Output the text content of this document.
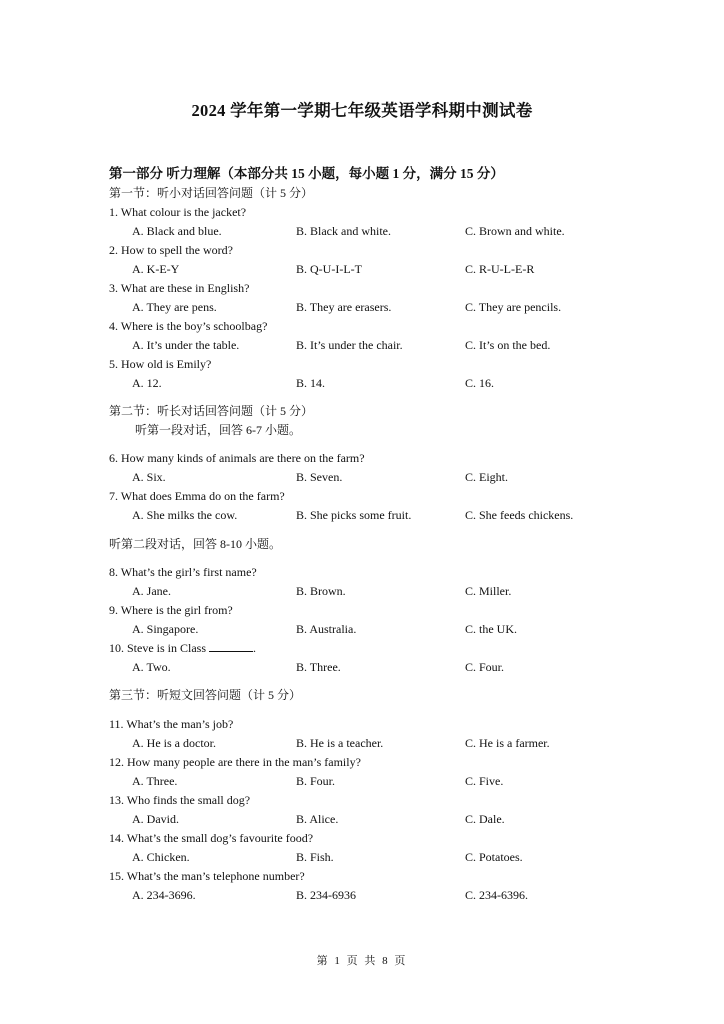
2024 学年第一学期七年级英语学科期中测试卷
第一部分 听力理解（本部分共 15 小题，每小题 1 分，满分 15 分）
第一节：听小对话回答问题（计 5 分）
1. What colour is the jacket?
A. Black and blue.	B. Black and white.	C. Brown and white.
2. How to spell the word?
A. K-E-Y	B. Q-U-I-L-T	C. R-U-L-E-R
3. What are these in English?
A. They are pens.	B. They are erasers.	C. They are pencils.
4. Where is the boy’s schoolbag?
A. It’s under the table.	B. It’s under the chair.	C. It’s on the bed.
5. How old is Emily?
A. 12.	B. 14.	C. 16.
第二节：听长对话回答问题（计 5 分）
听第一段对话，回答 6-7 小题。
6. How many kinds of animals are there on the farm?
A. Six.	B. Seven.	C. Eight.
7. What does Emma do on the farm?
A. She milks the cow.	B. She picks some fruit.	C. She feeds chickens.
听第二段对话，回答 8-10 小题。
8. What’s the girl’s first name?
A. Jane.	B. Brown.	C. Miller.
9. Where is the girl from?
A. Singapore.	B. Australia.	C. the UK.
10. Steve is in Class	.
A. Two.	B. Three.	C. Four.
第三节：听短文回答问题（计 5 分）
11. What’s the man’s job?
A. He is a doctor.	B. He is a teacher.	C. He is a farmer.
12. How many people are there in the man’s family?
A. Three.	B. Four.	C. Five.
13. Who finds the small dog?
A. David.	B. Alice.	C. Dale.
14. What’s the small dog’s favourite food?
A. Chicken.	B. Fish.	C. Potatoes.
15. What’s the man’s telephone number?
A. 234-3696.	B. 234-6936	C. 234-6396.
第 1 页 共 8 页
